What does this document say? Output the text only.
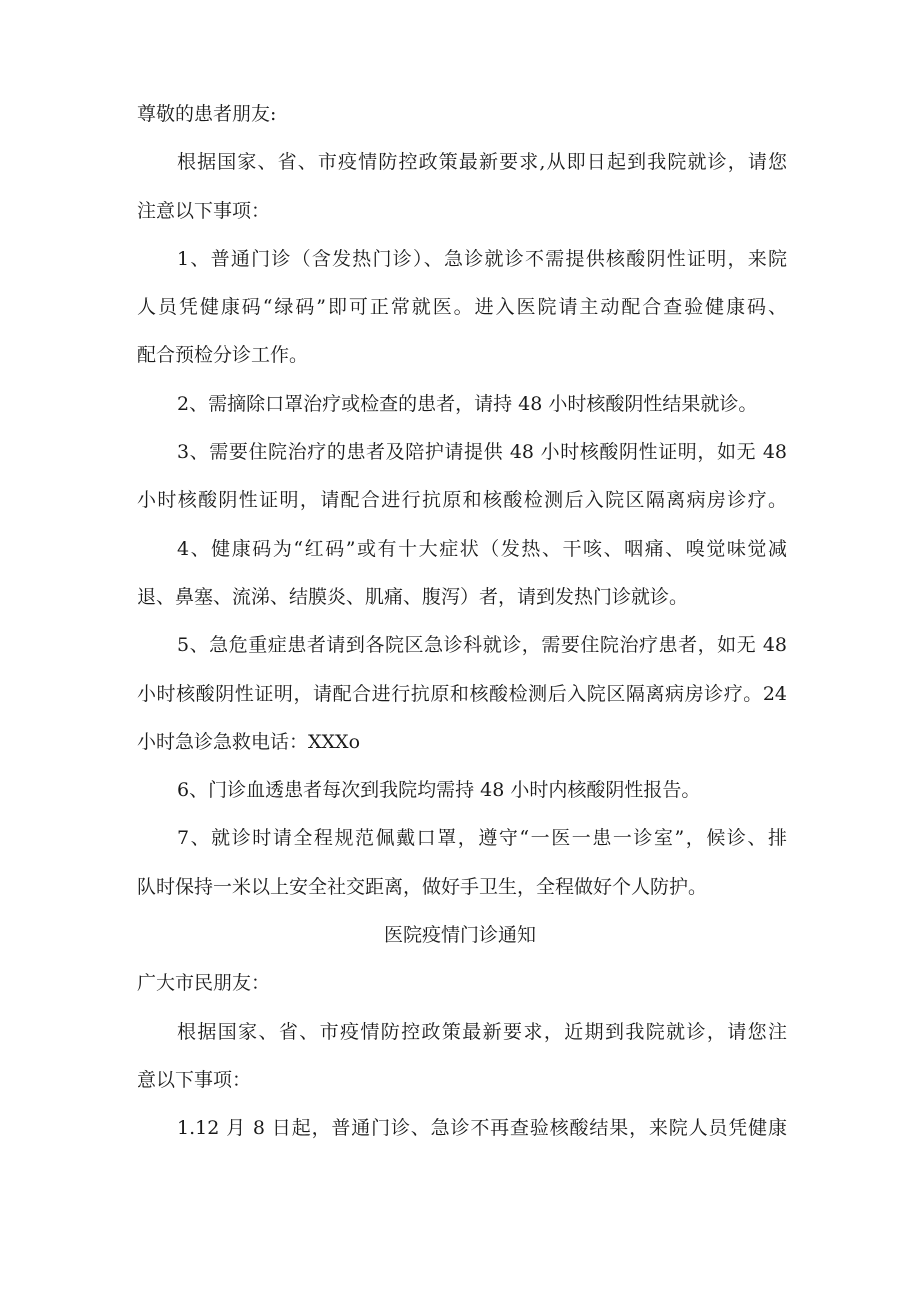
尊敬的患者朋友:
根据国家、省、市疫情防控政策最新要求,从即日起到我院就诊，请您
注意以下事项：
1、普通门诊（含发热门诊）、急诊就诊不需提供核酸阴性证明，来院
人员凭健康码“绿码”即可正常就医。进入医院请主动配合查验健康码、
配合预检分诊工作。
2、需摘除口罩治疗或检查的患者，请持 48 小时核酸阴性结果就诊。
3、需要住院治疗的患者及陪护请提供 48 小时核酸阴性证明，如无 48
小时核酸阴性证明，请配合进行抗原和核酸检测后入院区隔离病房诊疗。
4、健康码为“红码”或有十大症状（发热、干咳、咽痛、嗅觉味觉减
退、鼻塞、流涕、结膜炎、肌痛、腹泻）者，请到发热门诊就诊。
5、急危重症患者请到各院区急诊科就诊，需要住院治疗患者，如无 48
小时核酸阴性证明，请配合进行抗原和核酸检测后入院区隔离病房诊疗。24
小时急诊急救电话：XXXo
6、门诊血透患者每次到我院均需持 48 小时内核酸阴性报告。
7、就诊时请全程规范佩戴口罩，遵守“一医一患一诊室”，候诊、排
队时保持一米以上安全社交距离，做好手卫生，全程做好个人防护。
医院疫情门诊通知
广大市民朋友：
根据国家、省、市疫情防控政策最新要求，近期到我院就诊，请您注
意以下事项：
1.12 月 8 日起，普通门诊、急诊不再查验核酸结果，来院人员凭健康
